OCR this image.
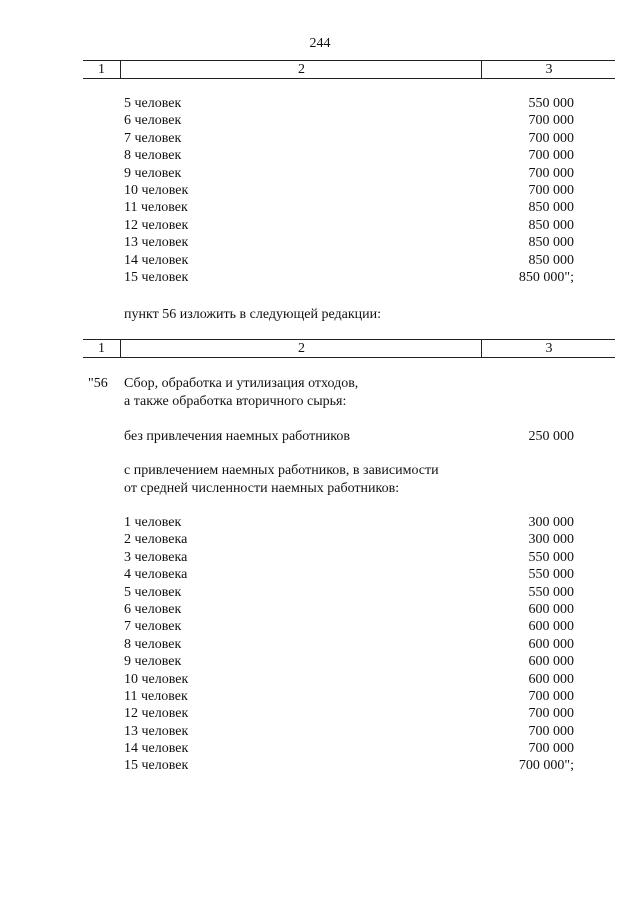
244
1	2	3
5 человек	550 000
6 человек	700 000
7 человек	700 000
8 человек	700 000
9 человек	700 000
10 человек	700 000
11 человек	850 000
12 человек	850 000
13 человек	850 000
14 человек	850 000
15 человек	850 000";
пункт 56 изложить в следующей редакции:
1	2	3
"56 Сбор, обработка и утилизация отходов,
а также обработка вторичного сырья:
без привлечения наемных работников	250 000
с привлечением наемных работников, в зависимости
от средней численности наемных работников:
1 человек	300 000
2 человека	300 000
3 человека	550 000
4 человека	550 000
5 человек	550 000
6 человек	600 000
7 человек	600 000
8 человек	600 000
9 человек	600 000
10 человек	600 000
11 человек	700 000
12 человек	700 000
13 человек	700 000
14 человек	700 000
15 человек	700 000";
